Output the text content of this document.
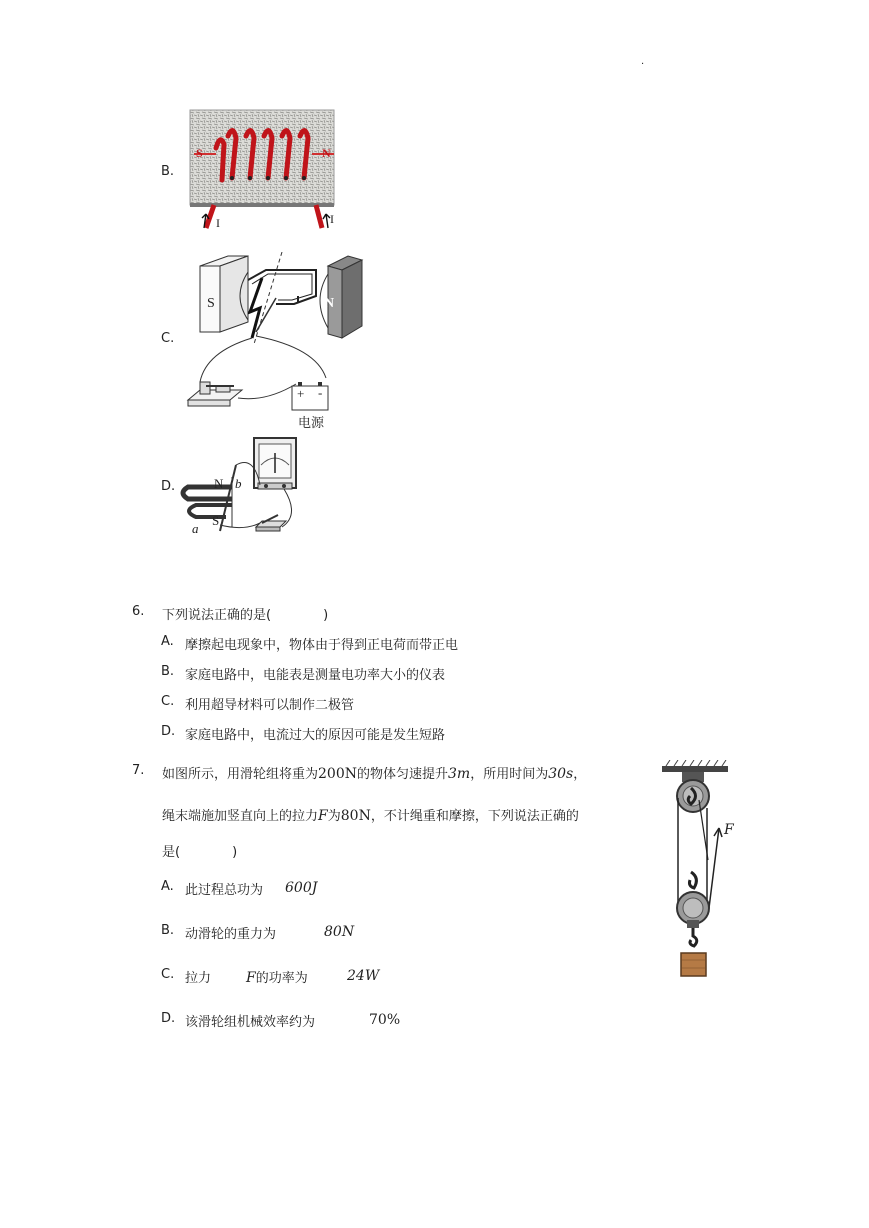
.
B.
S	N
I	I
C.
S	N
+ -
电源
D.	N b
S
a
6. 下列说法正确的是(　　　　)
A. 摩擦起电现象中，物体由于得到正电荷而带正电
B. 家庭电路中，电能表是测量电功率大小的仪表
C. 利用超导材料可以制作二极管
D. 家庭电路中，电流过大的原因可能是发生短路
7. 如图所示，用滑轮组将重为200N的物体匀速提升3m，所用时间为30s，
绳末端施加竖直向上的拉力F为80N，不计绳重和摩擦，下列说法正确的
是(　　　　)
A. 此过程总功为 600J
B. 动滑轮的重力为	80N
C. 拉力 F的功率为	24W
D. 该滑轮组机械效率约为	70%
F
